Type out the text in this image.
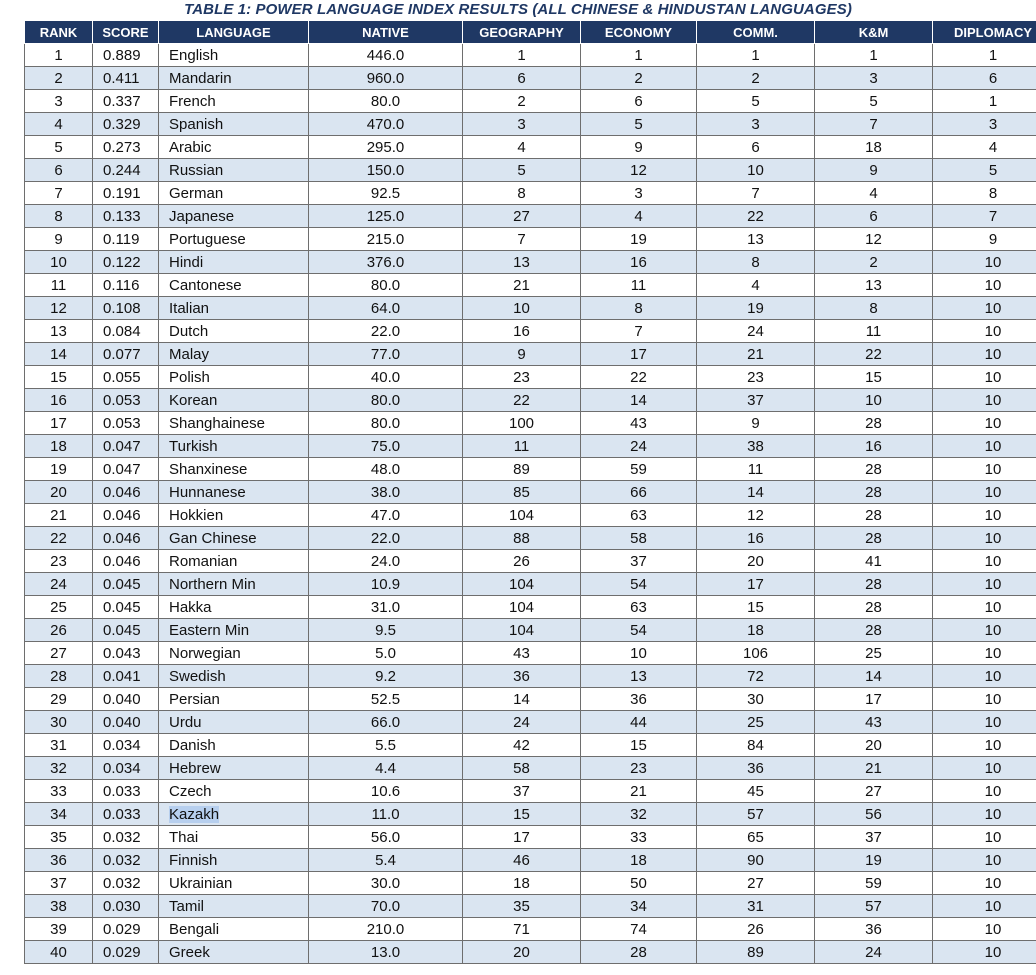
TABLE 1: POWER LANGUAGE INDEX RESULTS (ALL CHINESE & HINDUSTAN LANGUAGES)
RANK	SCORE	LANGUAGE	NATIVE	GEOGRAPHY	ECONOMY	COMM.	K&M	DIPLOMACY
1	0.889	English	446.0	1	1	1	1	1
2	0.411	Mandarin	960.0	6	2	2	3	6
3	0.337	French	80.0	2	6	5	5	1
4	0.329	Spanish	470.0	3	5	3	7	3
5	0.273	Arabic	295.0	4	9	6	18	4
6	0.244	Russian	150.0	5	12	10	9	5
7	0.191	German	92.5	8	3	7	4	8
8	0.133	Japanese	125.0	27	4	22	6	7
9	0.119	Portuguese	215.0	7	19	13	12	9
10	0.122	Hindi	376.0	13	16	8	2	10
11	0.116	Cantonese	80.0	21	11	4	13	10
12	0.108	Italian	64.0	10	8	19	8	10
13	0.084	Dutch	22.0	16	7	24	11	10
14	0.077	Malay	77.0	9	17	21	22	10
15	0.055	Polish	40.0	23	22	23	15	10
16	0.053	Korean	80.0	22	14	37	10	10
17	0.053	Shanghainese	80.0	100	43	9	28	10
18	0.047	Turkish	75.0	11	24	38	16	10
19	0.047	Shanxinese	48.0	89	59	11	28	10
20	0.046	Hunnanese	38.0	85	66	14	28	10
21	0.046	Hokkien	47.0	104	63	12	28	10
22	0.046	Gan Chinese	22.0	88	58	16	28	10
23	0.046	Romanian	24.0	26	37	20	41	10
24	0.045	Northern Min	10.9	104	54	17	28	10
25	0.045	Hakka	31.0	104	63	15	28	10
26	0.045	Eastern Min	9.5	104	54	18	28	10
27	0.043	Norwegian	5.0	43	10	106	25	10
28	0.041	Swedish	9.2	36	13	72	14	10
29	0.040	Persian	52.5	14	36	30	17	10
30	0.040	Urdu	66.0	24	44	25	43	10
31	0.034	Danish	5.5	42	15	84	20	10
32	0.034	Hebrew	4.4	58	23	36	21	10
33	0.033	Czech	10.6	37	21	45	27	10
34	0.033	Kazakh	11.0	15	32	57	56	10
35	0.032	Thai	56.0	17	33	65	37	10
36	0.032	Finnish	5.4	46	18	90	19	10
37	0.032	Ukrainian	30.0	18	50	27	59	10
38	0.030	Tamil	70.0	35	34	31	57	10
39	0.029	Bengali	210.0	71	74	26	36	10
40	0.029	Greek	13.0	20	28	89	24	10
